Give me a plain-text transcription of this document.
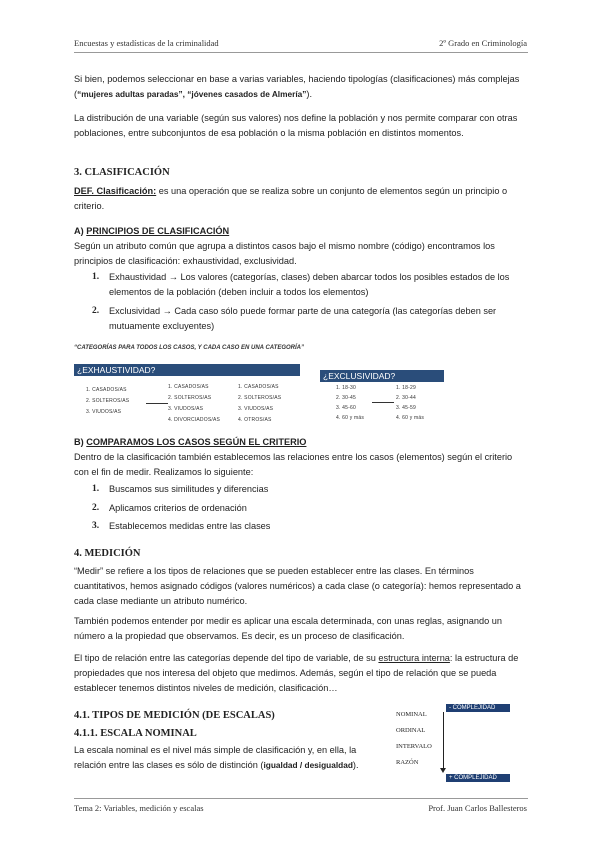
Encuestas y estadísticas de la criminalidad	2º Grado en Criminología

Si bien, podemos seleccionar en base a varias variables, haciendo tipologías (clasificaciones) más complejas (“mujeres adultas paradas”, “jóvenes casados de Almería”).

La distribución de una variable (según sus valores) nos define la población y nos permite comparar con otras poblaciones, entre subconjuntos de esa población o la misma población en distintos momentos.

3. CLASIFICACIÓN

DEF. Clasificación: es una operación que se realiza sobre un conjunto de elementos según un principio o criterio.

A) PRINCIPIOS DE CLASIFICACIÓN

Según un atributo común que agrupa a distintos casos bajo el mismo nombre (código) encontramos los principios de clasificación: exhaustividad, exclusividad.

1. Exhaustividad → Los valores (categorías, clases) deben abarcar todos los posibles estados de los elementos de la población (deben incluir a todos los elementos)
2. Exclusividad → Cada caso sólo puede formar parte de una categoría (las categorías deben ser mutuamente excluyentes)
“CATEGORÍAS PARA TODOS LOS CASOS, Y CADA CASO EN UNA CATEGORÍA”
¿EXHAUSTIVIDAD?
¿EXCLUSIVIDAD?
1. CASADOS/AS
2. SOLTEROS/AS
3. VIUDOS/AS
1. CASADOS/AS
2. SOLTEROS/AS
3. VIUDOS/AS
4. DIVORCIADOS/AS
1. CASADOS/AS
2. SOLTEROS/AS
3. VIUDOS/AS
4. OTROS/AS
1. 18-30
2. 30-45
3. 45-60
4. 60 y más
1. 18-29
2. 30-44
3. 45-59
4. 60 y más

B) COMPARAMOS LOS CASOS SEGÚN EL CRITERIO

Dentro de la clasificación también establecemos las relaciones entre los casos (elementos) según el criterio con el fin de medir. Realizamos lo siguiente:

1. Buscamos sus similitudes y diferencias
2. Aplicamos criterios de ordenación
3. Establecemos medidas entre las clases
4. MEDICIÓN

“Medir” se refiere a los tipos de relaciones que se pueden establecer entre las clases. En términos cuantitativos, hemos asignado códigos (valores numéricos) a cada clase (o categoría): hemos representado a cada clase mediante un atributo numérico.

También podemos entender por medir es aplicar una escala determinada, con unas reglas, asignando un número a la propiedad que observamos. Es decir, es un proceso de clasificación.

El tipo de relación entre las categorías depende del tipo de variable, de su estructura interna: la estructura de propiedades que nos interesa del objeto que medimos. Además, según el tipo de relación que se pueda establecer tenemos distintos niveles de medición, clasificación…

4.1. TIPOS DE MEDICIÓN (DE ESCALAS)
4.1.1. ESCALA NOMINAL

La escala nominal es el nivel más simple de clasificación y, en ella, la relación entre las clases es sólo de distinción (igualdad / desigualdad).

- COMPLEJIDAD
NOMINAL
ORDINAL
INTERVALO
RAZÓN
+ COMPLEJIDAD
Tema 2: Variables, medición y escalas	Prof. Juan Carlos Ballesteros
